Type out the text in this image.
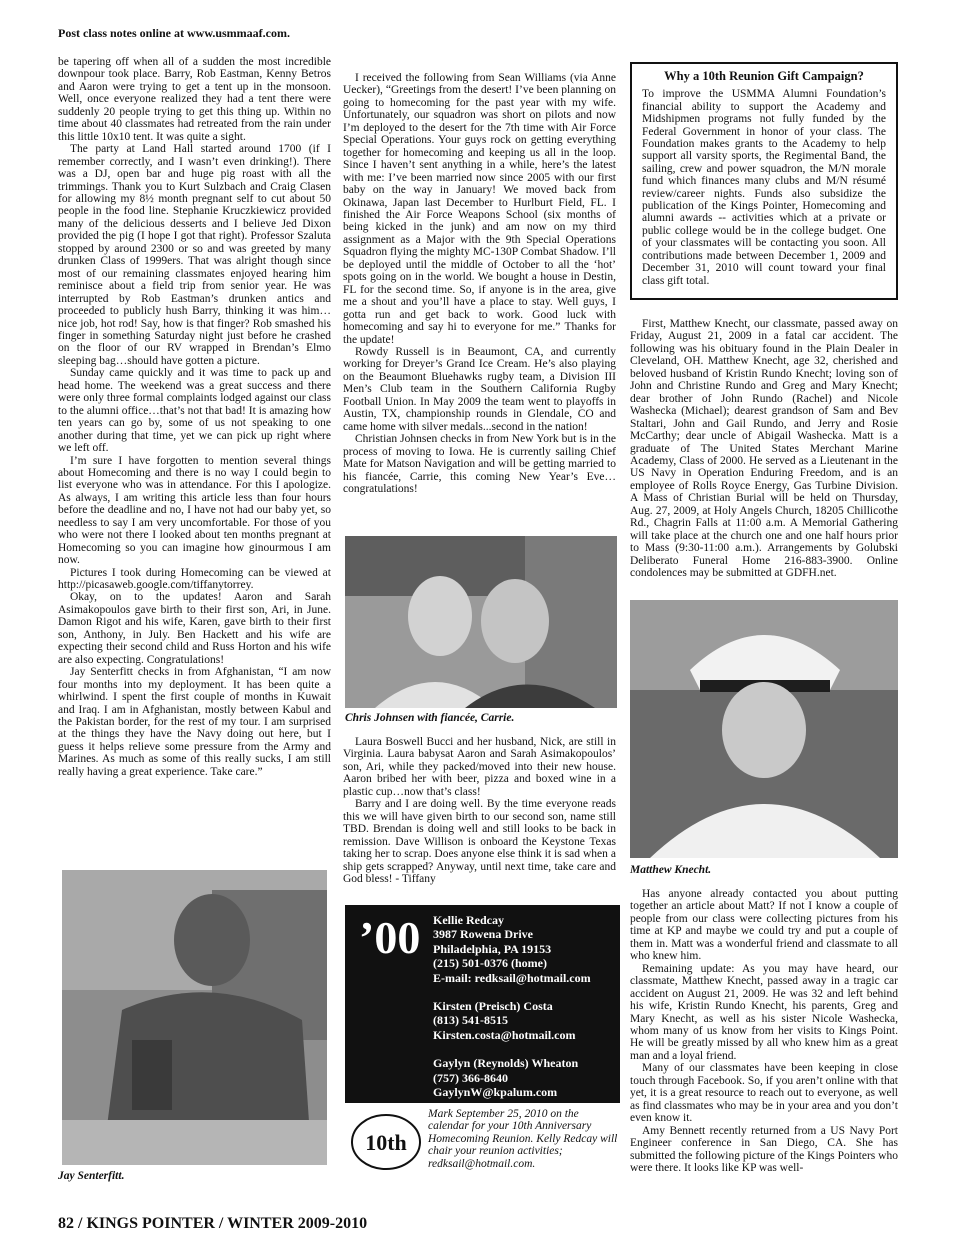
Post class notes online at www.usmmaaf.com.

be tapering off when all of a sudden the most incredible downpour took place. Barry, Rob Eastman, Kenny Betros and Aaron were trying to get a tent up in the monsoon. Well, once everyone realized they had a tent there were suddenly 20 people trying to get this thing up. Within no time about 40 classmates had retreated from the rain under this little 10x10 tent. It was quite a sight.

The party at Land Hall started around 1700 (if I remember correctly, and I wasn’t even drinking!). There was a DJ, open bar and huge pig roast with all the trimmings. Thank you to Kurt Sulzbach and Craig Clasen for allowing my 8½ month pregnant self to cut about 50 people in the food line. Stephanie Kruczkiewicz provided many of the delicious desserts and I believe Jed Dixon provided the pig (I hope I got that right). Professor Szaluta stopped by around 2300 or so and was greeted by many drunken Class of 1999ers. That was alright though since most of our remaining classmates enjoyed hearing him reminisce about a field trip from senior year. He was interrupted by Rob Eastman’s drunken antics and proceeded to publicly hush Barry, thinking it was him…nice job, hot rod! Say, how is that finger? Rob smashed his finger in something Saturday night just before he crashed on the floor of our RV wrapped in Brendan’s Elmo sleeping bag…should have gotten a picture.

Sunday came quickly and it was time to pack up and head home. The weekend was a great success and there were only three formal complaints lodged against our class to the alumni office…that’s not that bad! It is amazing how ten years can go by, some of us not speaking to one another during that time, yet we can pick up right where we left off.

I’m sure I have forgotten to mention several things about Homecoming and there is no way I could begin to list everyone who was in attendance. For this I apologize. As always, I am writing this article less than four hours before the deadline and no, I have not had our baby yet, so needless to say I am very uncomfortable. For those of you who were not there I looked about ten months pregnant at Homecoming so you can imagine how ginourmous I am now.

Pictures I took during Homecoming can be viewed at http://picasaweb.google.com/tiffanytorrey.

Okay, on to the updates! Aaron and Sarah Asimakopoulos gave birth to their first son, Ari, in June. Damon Rigot and his wife, Karen, gave birth to their first son, Anthony, in July. Ben Hackett and his wife are expecting their second child and Russ Horton and his wife are also expecting. Congratulations!

Jay Senterfitt checks in from Afghanistan, “I am now four months into my deployment. It has been quite a whirlwind. I spent the first couple of months in Kuwait and Iraq. I am in Afghanistan, mostly between Kabul and the Pakistan border, for the rest of my tour. I am surprised at the things they have the Navy doing out here, but I guess it helps relieve some pressure from the Army and Marines. As much as some of this really sucks, I am still really having a great experience. Take care.”

Jay Senterfitt.

I received the following from Sean Williams (via Anne Uecker), “Greetings from the desert! I’ve been planning on going to homecoming for the past year with my wife. Unfortunately, our squadron was short on pilots and now I’m deployed to the desert for the 7th time with Air Force Special Operations. Your guys rock on getting everything together for homecoming and keeping us all in the loop. Since I haven’t sent anything in a while, here’s the latest with me: I’ve been married now since 2005 with our first baby on the way in January! We moved back from Okinawa, Japan last December to Hurlburt Field, FL. I finished the Air Force Weapons School (six months of being kicked in the junk) and am now on my third assignment as a Major with the 9th Special Operations Squadron flying the mighty MC-130P Combat Shadow. I’ll be deployed until the middle of October to all the ‘hot’ spots going on in the world. We bought a house in Destin, FL for the second time. So, if anyone is in the area, give me a shout and you’ll have a place to stay. Well guys, I gotta run and get back to work. Good luck with homecoming and say hi to everyone for me.” Thanks for the update!

Rowdy Russell is in Beaumont, CA, and currently working for Dreyer’s Grand Ice Cream. He’s also playing on the Beaumont Bluehawks rugby team, a Division III Men’s Club team in the Southern California Rugby Football Union. In May 2009 the team went to playoffs in Austin, TX, championship rounds in Glendale, CO and came home with silver medals...second in the nation!

Christian Johnsen checks in from New York but is in the process of moving to Iowa. He is currently sailing Chief Mate for Matson Navigation and will be getting married to his fiancée, Carrie, this coming New Year’s Eve…congratulations!

Chris Johnsen with fiancée, Carrie.

Laura Boswell Bucci and her husband, Nick, are still in Virginia. Laura babysat Aaron and Sarah Asimakopoulos’ son, Ari, while they packed/moved into their new house. Aaron bribed her with beer, pizza and boxed wine in a plastic cup…now that’s class!

Barry and I are doing well. By the time everyone reads this we will have given birth to our second son, name still TBD. Brendan is doing well and still looks to be back in remission. Dave Willison is onboard the Keystone Texas taking her to scrap. Does anyone else think it is sad when a ship gets scrapped? Anyway, until next time, take care and God bless! - Tiffany

’00 Kellie Redcay
3987 Rowena Drive
Philadelphia, PA 19153
(215) 501-0376 (home)
E-mail: redksail@hotmail.com
Kirsten (Preisch) Costa
(813) 541-8515
Kirsten.costa@hotmail.com
Gaylyn (Reynolds) Wheaton
(757) 366-8640
GaylynW@kpalum.com
10th
Mark September 25, 2010 on the calendar for your 10th Anniversary Homecoming Reunion. Kelly Redcay will chair your reunion activities; redksail@hotmail.com.
Why a 10th Reunion Gift Campaign?
To improve the USMMA Alumni Foundation’s financial ability to support the Academy and Midshipmen programs not fully funded by the Federal Government in honor of your class. The Foundation makes grants to the Academy to help support all varsity sports, the Regimental Band, the sailing, crew and power squadron, the M/N morale fund which finances many clubs and M/N résumé review/career nights. Funds also subsidize the publication of the Kings Pointer, Homecoming and alumni awards -- activities which at a private or public college would be in the college budget. One of your classmates will be contacting you soon. All contributions made between December 1, 2009 and December 31, 2010 will count toward your final class gift total.

First, Matthew Knecht, our classmate, passed away on Friday, August 21, 2009 in a fatal car accident. The following was his obituary found in the Plain Dealer in Cleveland, OH. Matthew Knecht, age 32, cherished and beloved husband of Kristin Rundo Knecht; loving son of John and Christine Rundo and Greg and Mary Knecht; dear brother of John Rundo (Rachel) and Nicole Washecka (Michael); dearest grandson of Sam and Bev Staltari, John and Gail Rundo, and Jerry and Rosie McCarthy; dear uncle of Abigail Washecka. Matt is a graduate of The United States Merchant Marine Academy, Class of 2000. He served as a Lieutenant in the US Navy in Operation Enduring Freedom, and is an employee of Rolls Royce Energy, Gas Turbine Division. A Mass of Christian Burial will be held on Thursday, Aug. 27, 2009, at Holy Angels Church, 18205 Chillicothe Rd., Chagrin Falls at 11:00 a.m. A Memorial Gathering will take place at the church one and one half hours prior to Mass (9:30-11:00 a.m.). Arrangements by Golubski Deliberato Funeral Home 216-883-3900. Online condolences may be submitted at GDFH.net.

Matthew Knecht.

Has anyone already contacted you about putting together an article about Matt? If not I know a couple of people from our class were collecting pictures from his time at KP and maybe we could try and put a couple of them in. Matt was a wonderful friend and classmate to all who knew him.

Remaining update: As you may have heard, our classmate, Matthew Knecht, passed away in a tragic car accident on August 21, 2009. He was 32 and left behind his wife, Kristin Rundo Knecht, his parents, Greg and Mary Knecht, as well as his sister Nicole Washecka, whom many of us know from her visits to Kings Point. He will be greatly missed by all who knew him as a great man and a loyal friend.

Many of our classmates have been keeping in close touch through Facebook. So, if you aren’t online with that yet, it is a great resource to reach out to everyone, as well as find classmates who may be in your area and you don’t even know it.

Amy Bennett recently returned from a US Navy Port Engineer conference in San Diego, CA. She has submitted the following picture of the Kings Pointers who were there. It looks like KP was well-

82 / KINGS POINTER / WINTER 2009-2010
